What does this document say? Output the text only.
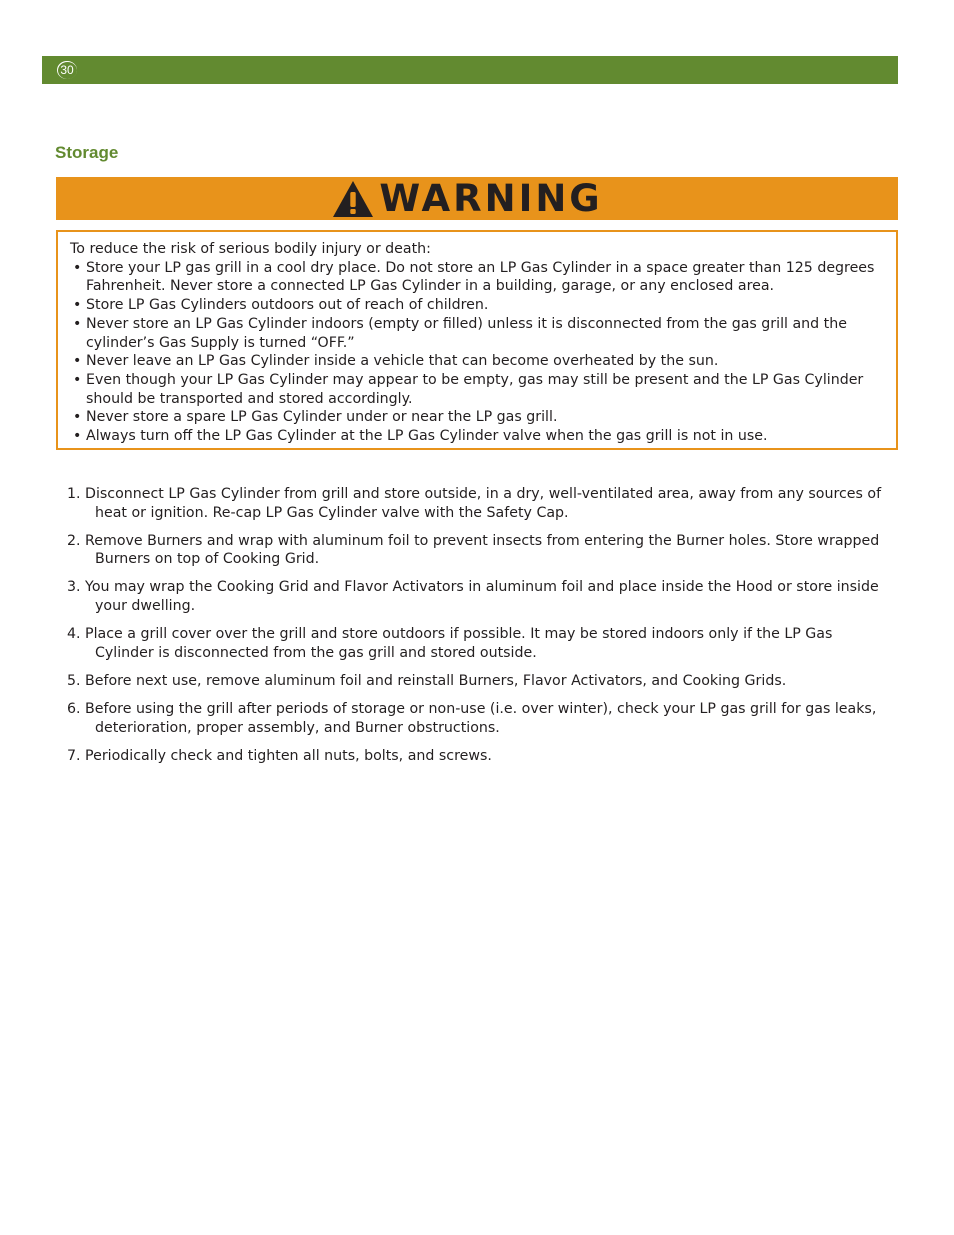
30
Storage
WARNING

To reduce the risk of serious bodily injury or death:

• Store your LP gas grill in a cool dry place. Do not store an LP Gas Cylinder in a space greater than 125 degrees Fahrenheit. Never store a connected LP Gas Cylinder in a building, garage, or any enclosed area.
• Store LP Gas Cylinders outdoors out of reach of children.
• Never store an LP Gas Cylinder indoors (empty or filled) unless it is disconnected from the gas grill and the cylinder’s Gas Supply is turned “OFF.”
• Never leave an LP Gas Cylinder inside a vehicle that can become overheated by the sun.
• Even though your LP Gas Cylinder may appear to be empty, gas may still be present and the LP Gas Cylinder should be transported and stored accordingly.
• Never store a spare LP Gas Cylinder under or near the LP gas grill.
• Always turn off the LP Gas Cylinder at the LP Gas Cylinder valve when the gas grill is not in use.
1. Disconnect LP Gas Cylinder from grill and store outside, in a dry, well-ventilated area, away from any sources of heat or ignition. Re-cap LP Gas Cylinder valve with the Safety Cap.
2. Remove Burners and wrap with aluminum foil to prevent insects from entering the Burner holes. Store wrapped Burners on top of Cooking Grid.
3. You may wrap the Cooking Grid and Flavor Activators in aluminum foil and place inside the Hood or store inside your dwelling.
4. Place a grill cover over the grill and store outdoors if possible. It may be stored indoors only if the LP Gas Cylinder is disconnected from the gas grill and stored outside.
5. Before next use, remove aluminum foil and reinstall Burners, Flavor Activators, and Cooking Grids.
6. Before using the grill after periods of storage or non-use (i.e. over winter), check your LP gas grill for gas leaks, deterioration, proper assembly, and Burner obstructions.
7. Periodically check and tighten all nuts, bolts, and screws.
